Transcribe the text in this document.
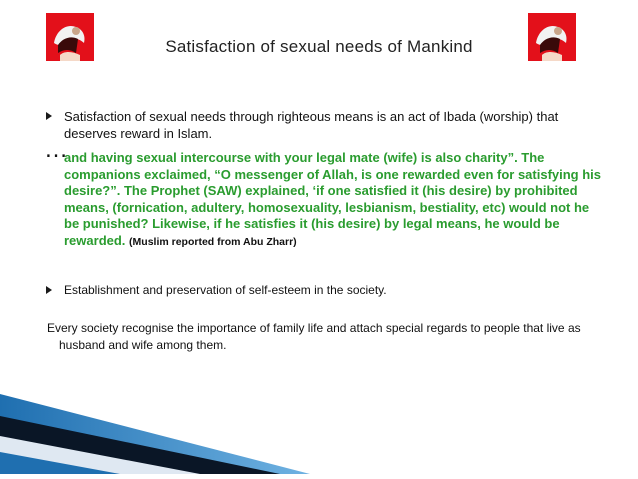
Satisfaction of sexual needs of Mankind
Satisfaction of sexual needs through righteous means is an act of Ibada (worship) that deserves reward in Islam.
…
and having sexual intercourse with your legal mate (wife) is also charity”. The companions exclaimed, “O messenger of Allah, is one rewarded even for satisfying his desire?”. The Prophet (SAW) explained, ‘if one satisfied it (his desire) by prohibited means, (fornication, adultery, homosexuality, lesbianism, bestiality, etc) would not he be punished? Likewise, if he satisfies it (his desire) by legal means, he would be rewarded. (Muslim reported from Abu Zharr)
Establishment and preservation of self-esteem in the society.
Every society recognise the importance of family life and attach special regards to people that live as husband and wife among them.
